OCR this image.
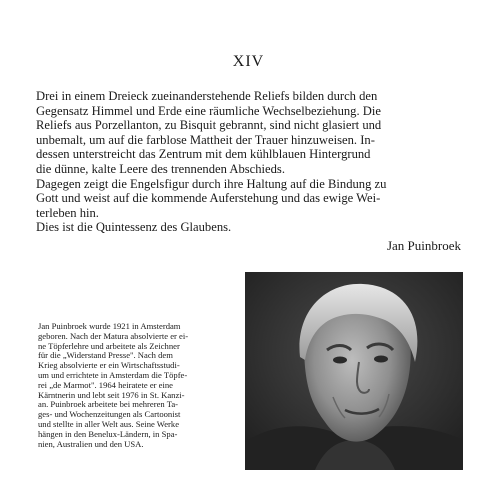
XIV
Drei in einem Dreieck zueinanderstehende Reliefs bilden durch den
Gegensatz Himmel und Erde eine räumliche Wechselbeziehung. Die
Reliefs aus Porzellanton, zu Bisquit gebrannt, sind nicht glasiert und
unbemalt, um auf die farblose Mattheit der Trauer hinzuweisen. In-
dessen unterstreicht das Zentrum mit dem kühlblauen Hintergrund
die dünne, kalte Leere des trennenden Abschieds.
Dagegen zeigt die Engelsfigur durch ihre Haltung auf die Bindung zu
Gott und weist auf die kommende Auferstehung und das ewige Wei-
terleben hin.
Dies ist die Quintessenz des Glaubens.
Jan Puinbroek
Jan Puinbroek wurde 1921 in Amsterdam
geboren. Nach der Matura absolvierte er ei-
ne Töpferlehre und arbeitete als Zeichner
für die „Widerstand Presse". Nach dem
Krieg absolvierte er ein Wirtschaftsstudi-
um und errichtete in Amsterdam die Töpfe-
rei „de Marmot". 1964 heiratete er eine
Kärntnerin und lebt seit 1976 in St. Kanzi-
an. Puinbroek arbeitete bei mehreren Ta-
ges- und Wochenzeitungen als Cartoonist
und stellte in aller Welt aus. Seine Werke
hängen in den Benelux-Ländern, in Spa-
nien, Australien und den USA.
